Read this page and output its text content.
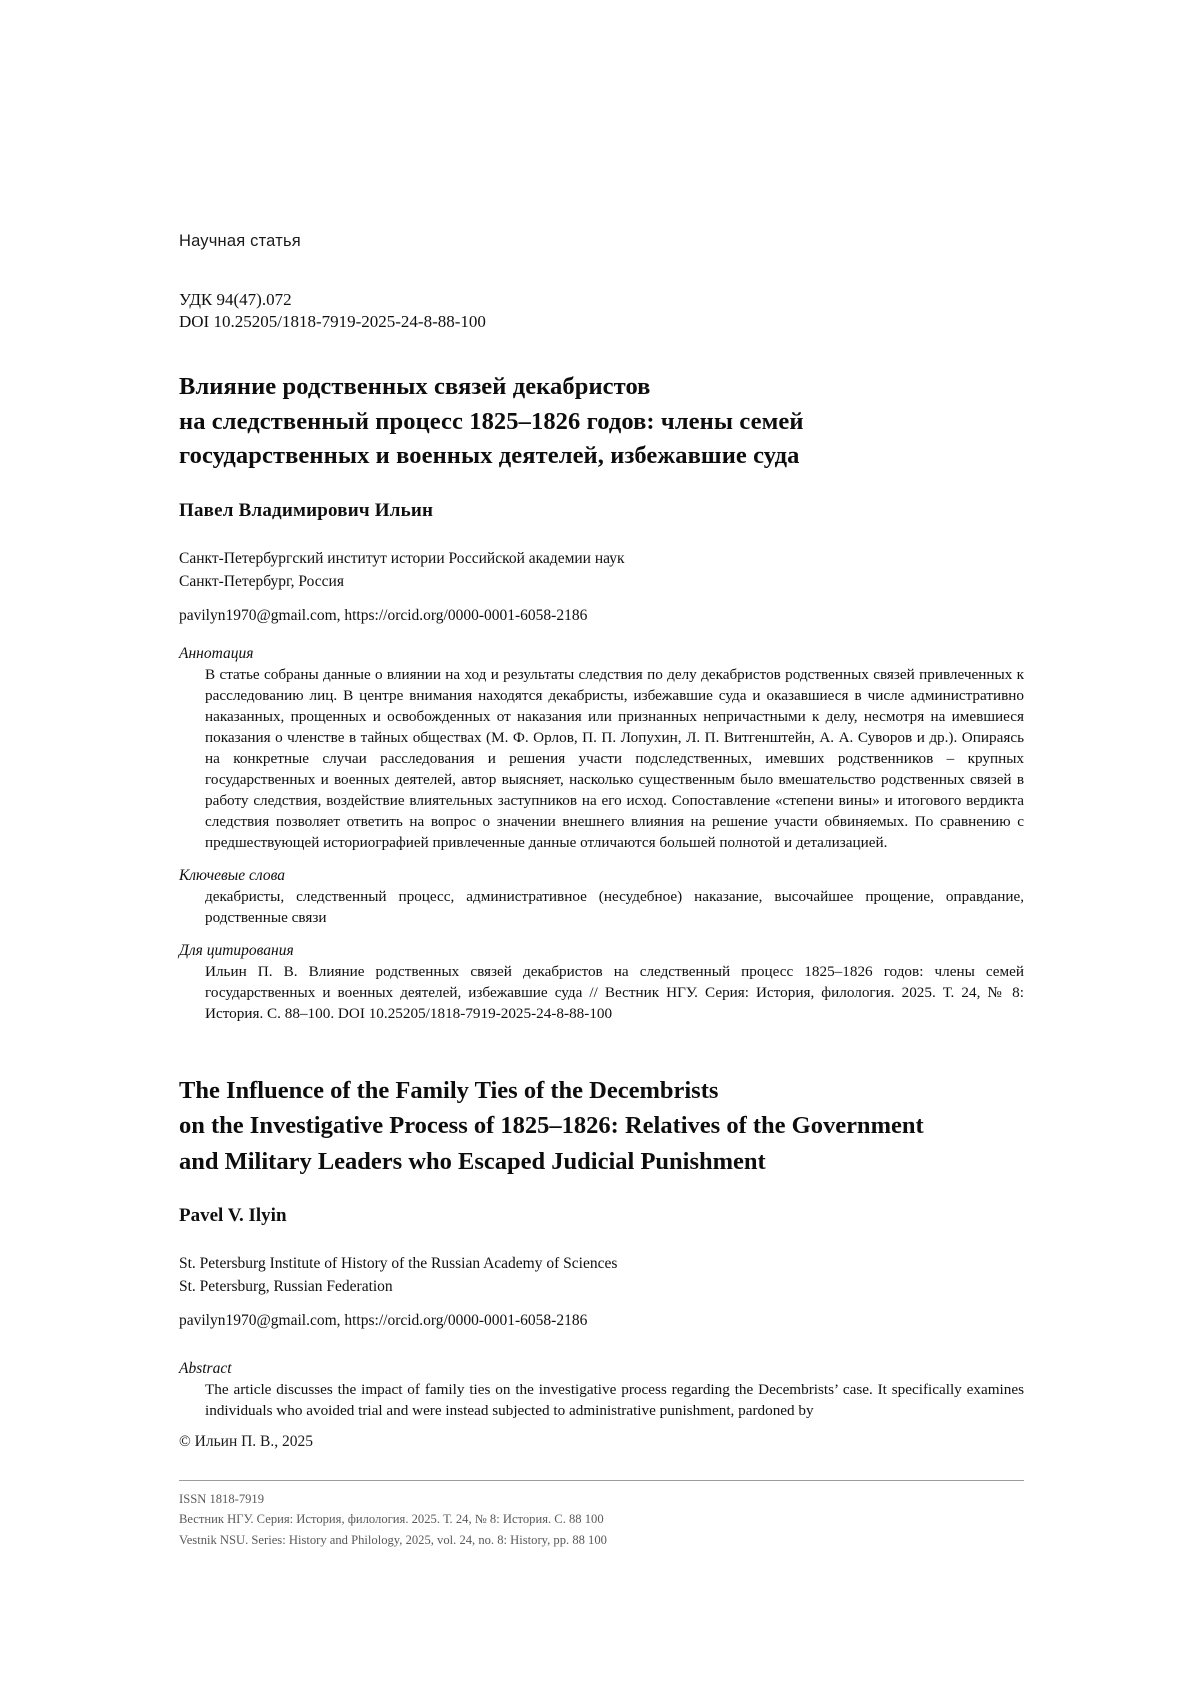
Научная статья
УДК 94(47).072
DOI 10.25205/1818-7919-2025-24-8-88-100
Влияние родственных связей декабристов
на следственный процесс 1825–1826 годов: члены семей
государственных и военных деятелей, избежавшие суда
Павел Владимирович Ильин
Санкт-Петербургский институт истории Российской академии наук
Санкт-Петербург, Россия
pavilyn1970@gmail.com, https://orcid.org/0000-0001-6058-2186
Аннотация
В статье собраны данные о влиянии на ход и результаты следствия по делу декабристов родственных связей привлеченных к расследованию лиц. В центре внимания находятся декабристы, избежавшие суда и оказавшиеся в числе административно наказанных, прощенных и освобожденных от наказания или признанных непричастными к делу, несмотря на имевшиеся показания о членстве в тайных обществах (М. Ф. Орлов, П. П. Лопухин, Л. П. Витгенштейн, А. А. Суворов и др.). Опираясь на конкретные случаи расследования и решения участи подследственных, имевших родственников – крупных государственных и военных деятелей, автор выясняет, насколько существенным было вмешательство родственных связей в работу следствия, воздействие влиятельных заступников на его исход. Сопоставление «степени вины» и итогового вердикта следствия позволяет ответить на вопрос о значении внешнего влияния на решение участи обвиняемых. По сравнению с предшествующей историографией привлеченные данные отличаются большей полнотой и детализацией.
Ключевые слова
декабристы, следственный процесс, административное (несудебное) наказание, высочайшее прощение, оправдание, родственные связи
Для цитирования
Ильин П. В. Влияние родственных связей декабристов на следственный процесс 1825–1826 годов: члены семей государственных и военных деятелей, избежавшие суда // Вестник НГУ. Серия: История, филология. 2025. Т. 24, № 8: История. С. 88–100. DOI 10.25205/1818-7919-2025-24-8-88-100
The Influence of the Family Ties of the Decembrists
on the Investigative Process of 1825–1826: Relatives of the Government
and Military Leaders who Escaped Judicial Punishment
Pavel V. Ilyin
St. Petersburg Institute of History of the Russian Academy of Sciences
St. Petersburg, Russian Federation
pavilyn1970@gmail.com, https://orcid.org/0000-0001-6058-2186
Abstract
The article discusses the impact of family ties on the investigative process regarding the Decembrists’ case. It specifically examines individuals who avoided trial and were instead subjected to administrative punishment, pardoned by
© Ильин П. В., 2025
ISSN 1818-7919
Вестник НГУ. Серия: История, филология. 2025. Т. 24, № 8: История. С. 88 100
Vestnik NSU. Series: History and Philology, 2025, vol. 24, no. 8: History, pp. 88 100
